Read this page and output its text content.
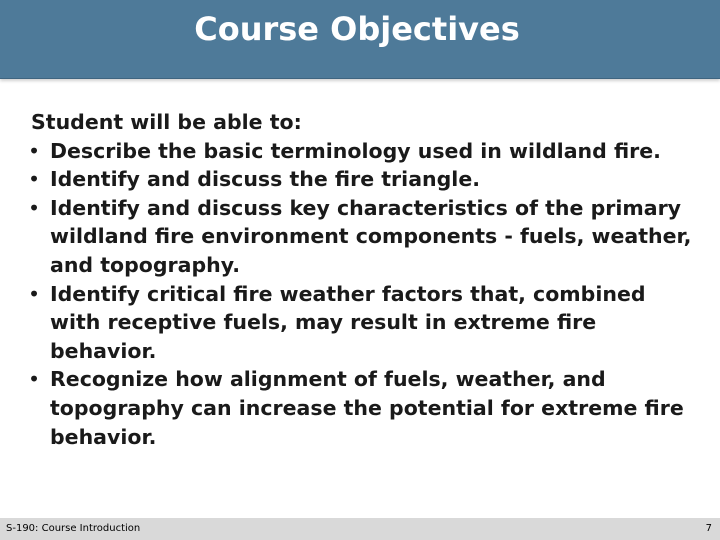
Course Objectives

Student will be able to:

• Describe the basic terminology used in wildland fire.
• Identify and discuss the fire triangle.
• Identify and discuss key characteristics of the primary wildland fire environment components - fuels, weather, and topography.
• Identify critical fire weather factors that, combined with receptive fuels, may result in extreme fire behavior.
• Recognize how alignment of fuels, weather, and topography can increase the potential for extreme fire behavior.
S-190: Course Introduction	7
